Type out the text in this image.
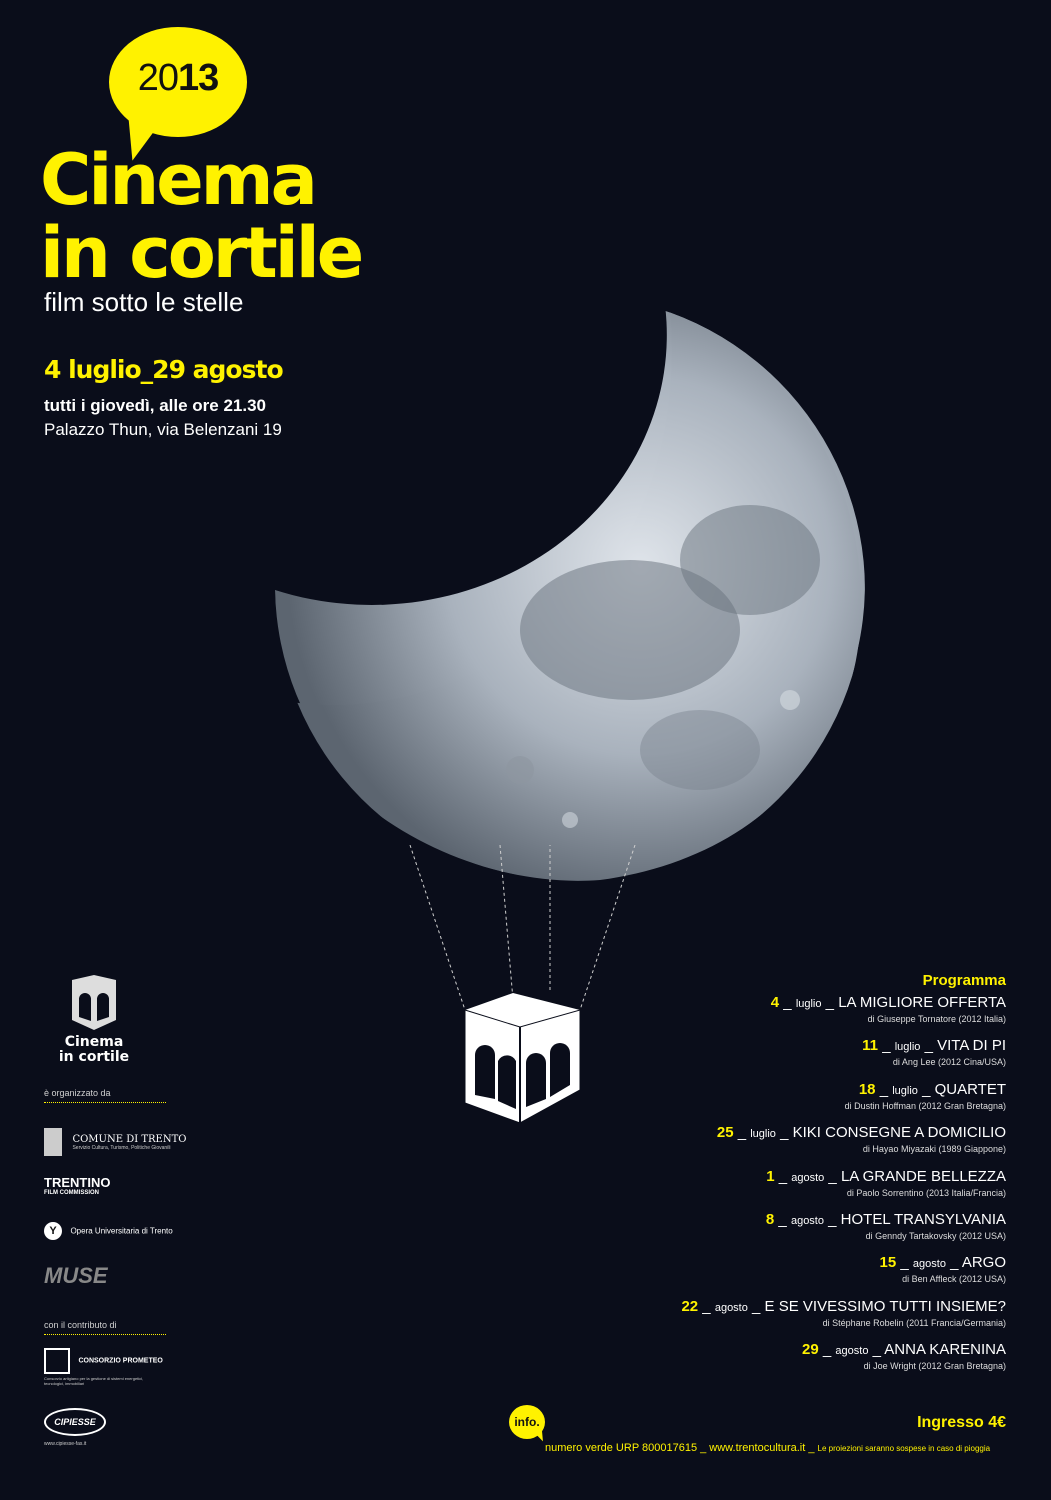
2013
Cinema
in cortile
film sotto le stelle
4 luglio_29 agosto
tutti i giovedì, alle ore 21.30
Palazzo Thun, via Belenzani 19
Cinema
in cortile
è organizzato da

COMUNE DI TRENTO
Servizio Cultura, Turismo, Politiche Giovanili
TRENTINO
FILM COMMISSION
Y Opera Universitaria di Trento
MUSE
con il contributo di
CONSORZIO PROMETEO
Consorzio artigiano per la gestione di sistemi energetici, tecnologici, immobiliari
CIPIESSE
www.cipiesse-fas.it
Programma
4 _ luglio _ LA MIGLIORE OFFERTA
di Giuseppe Tornatore (2012 Italia)
11 _ luglio _ VITA DI PI
di Ang Lee (2012 Cina/USA)
18 _ luglio _ QUARTET
di Dustin Hoffman (2012 Gran Bretagna)
25 _ luglio _ KIKI CONSEGNE A DOMICILIO
di Hayao Miyazaki (1989 Giappone)
1 _ agosto _ LA GRANDE BELLEZZA
di Paolo Sorrentino (2013 Italia/Francia)
8 _ agosto _ HOTEL TRANSYLVANIA
di Genndy Tartakovsky (2012 USA)
15 _ agosto _ ARGO
di Ben Affleck (2012 USA)
22 _ agosto _ E SE VIVESSIMO TUTTI INSIEME?
di Stéphane Robelin (2011 Francia/Germania)
29 _ agosto _ ANNA KARENINA
di Joe Wright (2012 Gran Bretagna)
Ingresso 4€
info.
numero verde URP 800017615 _ www.trentocultura.it _ Le proiezioni saranno sospese in caso di pioggia
